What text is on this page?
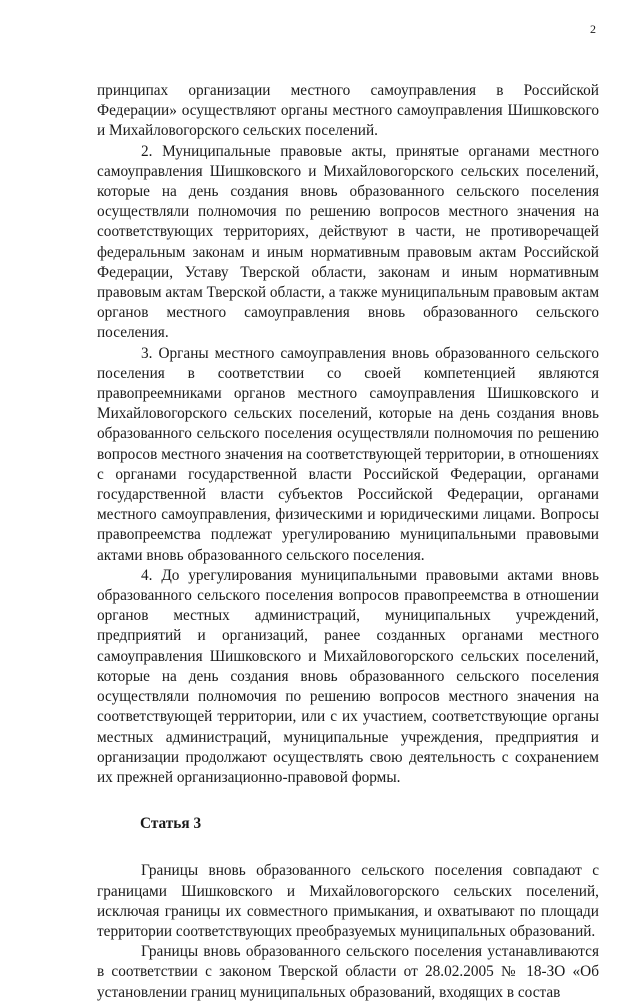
2

принципах организации местного самоуправления в Российской Федерации» осуществляют органы местного самоуправления Шишковского и Михайловогорского сельских поселений.

2. Муниципальные правовые акты, принятые органами местного самоуправления Шишковского и Михайловогорского сельских поселений, которые на день создания вновь образованного сельского поселения осуществляли полномочия по решению вопросов местного значения на соответствующих территориях, действуют в части, не противоречащей федеральным законам и иным нормативным правовым актам Российской Федерации, Уставу Тверской области, законам и иным нормативным правовым актам Тверской области, а также муниципальным правовым актам органов местного самоуправления вновь образованного сельского поселения.

3. Органы местного самоуправления вновь образованного сельского поселения в соответствии со своей компетенцией являются правопреемниками органов местного самоуправления Шишковского и Михайловогорского сельских поселений, которые на день создания вновь образованного сельского поселения осуществляли полномочия по решению вопросов местного значения на соответствующей территории, в отношениях с органами государственной власти Российской Федерации, органами государственной власти субъектов Российской Федерации, органами местного самоуправления, физическими и юридическими лицами. Вопросы правопреемства подлежат урегулированию муниципальными правовыми актами вновь образованного сельского поселения.

4. До урегулирования муниципальными правовыми актами вновь образованного сельского поселения вопросов правопреемства в отношении органов местных администраций, муниципальных учреждений, предприятий и организаций, ранее созданных органами местного самоуправления Шишковского и Михайловогорского сельских поселений, которые на день создания вновь образованного сельского поселения осуществляли полномочия по решению вопросов местного значения на соответствующей территории, или с их участием, соответствующие органы местных администраций, муниципальные учреждения, предприятия и организации продолжают осуществлять свою деятельность с сохранением их прежней организационно-правовой формы.

Статья 3

Границы вновь образованного сельского поселения совпадают с границами Шишковского и Михайловогорского сельских поселений, исключая границы их совместного примыкания, и охватывают по площади территории соответствующих преобразуемых муниципальных образований.

Границы вновь образованного сельского поселения устанавливаются в соответствии с законом Тверской области от 28.02.2005 № 18-ЗО «Об установлении границ муниципальных образований, входящих в состав
